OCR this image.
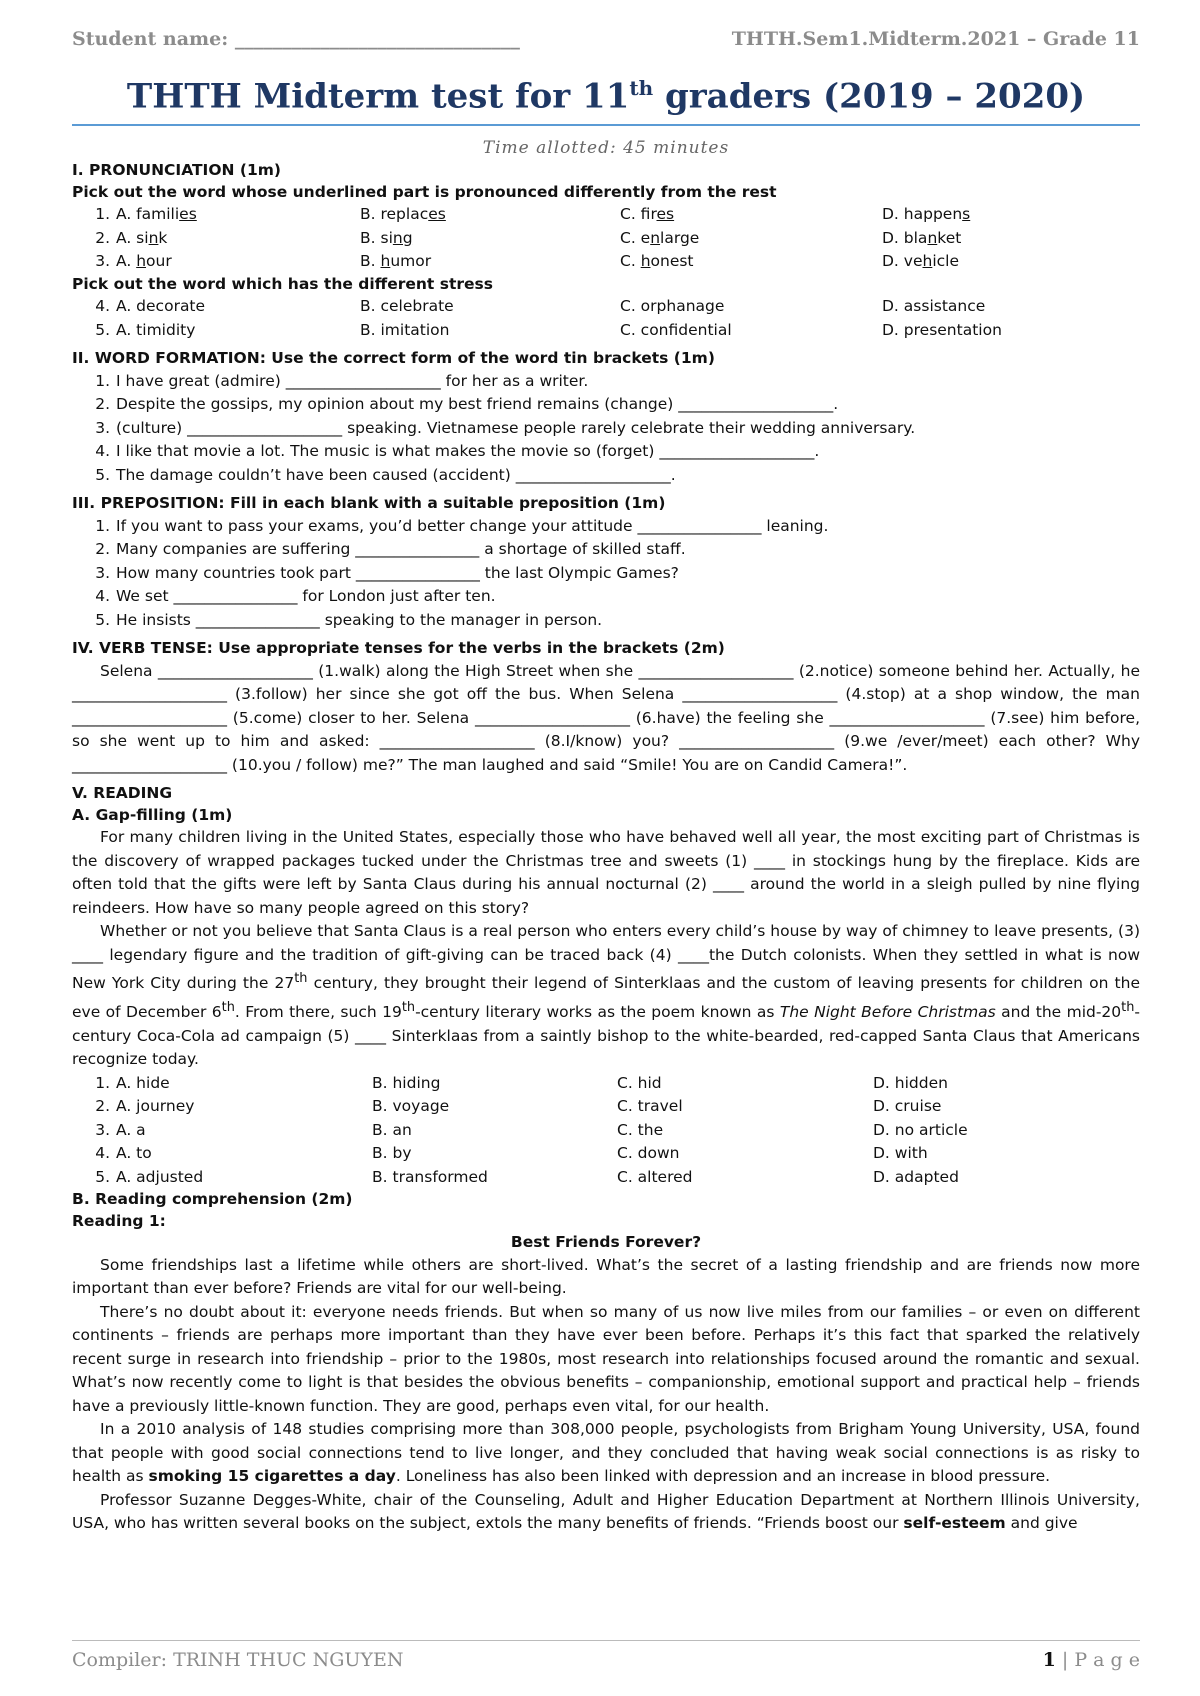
Student name: ______________________________	THTH.Sem1.Midterm.2021 – Grade 11
THTH Midterm test for 11th graders (2019 – 2020)
Time allotted: 45 minutes
I. PRONUNCIATION (1m)
Pick out the word whose underlined part is pronounced differently from the rest
1. A. families	B. replaces	C. fires	D. happens
2. A. sink	B. sing	C. enlarge	D. blanket
3. A. hour	B. humor	C. honest	D. vehicle
Pick out the word which has the different stress
4. A. decorate	B. celebrate	C. orphanage	D. assistance
5. A. timidity	B. imitation	C. confidential	D. presentation
II. WORD FORMATION: Use the correct form of the word tin brackets (1m)
1. I have great (admire) ____________________ for her as a writer.
2. Despite the gossips, my opinion about my best friend remains (change) ____________________.
3. (culture) ____________________ speaking. Vietnamese people rarely celebrate their wedding anniversary.
4. I like that movie a lot. The music is what makes the movie so (forget) ____________________.
5. The damage couldn’t have been caused (accident) ____________________.
III. PREPOSITION: Fill in each blank with a suitable preposition (1m)
1. If you want to pass your exams, you’d better change your attitude ________________ leaning.
2. Many companies are suffering ________________ a shortage of skilled staff.
3. How many countries took part ________________ the last Olympic Games?
4. We set ________________ for London just after ten.
5. He insists ________________ speaking to the manager in person.
IV. VERB TENSE: Use appropriate tenses for the verbs in the brackets (2m)
Selena ____________________ (1.walk) along the High Street when she ____________________ (2.notice) someone behind her. Actually, he ____________________ (3.follow) her since she got off the bus. When Selena ____________________ (4.stop) at a shop window, the man ____________________ (5.come) closer to her. Selena ____________________ (6.have) the feeling she ____________________ (7.see) him before, so she went up to him and asked: ____________________ (8.I/know) you? ____________________ (9.we /ever/meet) each other? Why ____________________ (10.you / follow) me?” The man laughed and said “Smile! You are on Candid Camera!”.
V. READING
A. Gap-filling (1m)
For many children living in the United States, especially those who have behaved well all year, the most exciting part of Christmas is the discovery of wrapped packages tucked under the Christmas tree and sweets (1) ____ in stockings hung by the fireplace. Kids are often told that the gifts were left by Santa Claus during his annual nocturnal (2) ____ around the world in a sleigh pulled by nine flying reindeers. How have so many people agreed on this story?
Whether or not you believe that Santa Claus is a real person who enters every child’s house by way of chimney to leave presents, (3) ____ legendary figure and the tradition of gift-giving can be traced back (4) ____the Dutch colonists. When they settled in what is now New York City during the 27th century, they brought their legend of Sinterklaas and the custom of leaving presents for children on the eve of December 6th. From there, such 19th-century literary works as the poem known as The Night Before Christmas and the mid-20th-century Coca-Cola ad campaign (5) ____ Sinterklaas from a saintly bishop to the white-bearded, red-capped Santa Claus that Americans recognize today.
1. A. hide	B. hiding	C. hid	D. hidden
2. A. journey	B. voyage	C. travel	D. cruise
3. A. a	B. an	C. the	D. no article
4. A. to	B. by	C. down	D. with
5. A. adjusted	B. transformed	C. altered	D. adapted
B. Reading comprehension (2m)
Reading 1:
Best Friends Forever?
Some friendships last a lifetime while others are short-lived. What’s the secret of a lasting friendship and are friends now more important than ever before? Friends are vital for our well-being.
There’s no doubt about it: everyone needs friends. But when so many of us now live miles from our families – or even on different continents – friends are perhaps more important than they have ever been before. Perhaps it’s this fact that sparked the relatively recent surge in research into friendship – prior to the 1980s, most research into relationships focused around the romantic and sexual. What’s now recently come to light is that besides the obvious benefits – companionship, emotional support and practical help – friends have a previously little-known function. They are good, perhaps even vital, for our health.
In a 2010 analysis of 148 studies comprising more than 308,000 people, psychologists from Brigham Young University, USA, found that people with good social connections tend to live longer, and they concluded that having weak social connections is as risky to health as smoking 15 cigarettes a day. Loneliness has also been linked with depression and an increase in blood pressure.
Professor Suzanne Degges-White, chair of the Counseling, Adult and Higher Education Department at Northern Illinois University, USA, who has written several books on the subject, extols the many benefits of friends. “Friends boost our self-esteem and give
Compiler: TRINH THUC NGUYEN	1 | P a g e
